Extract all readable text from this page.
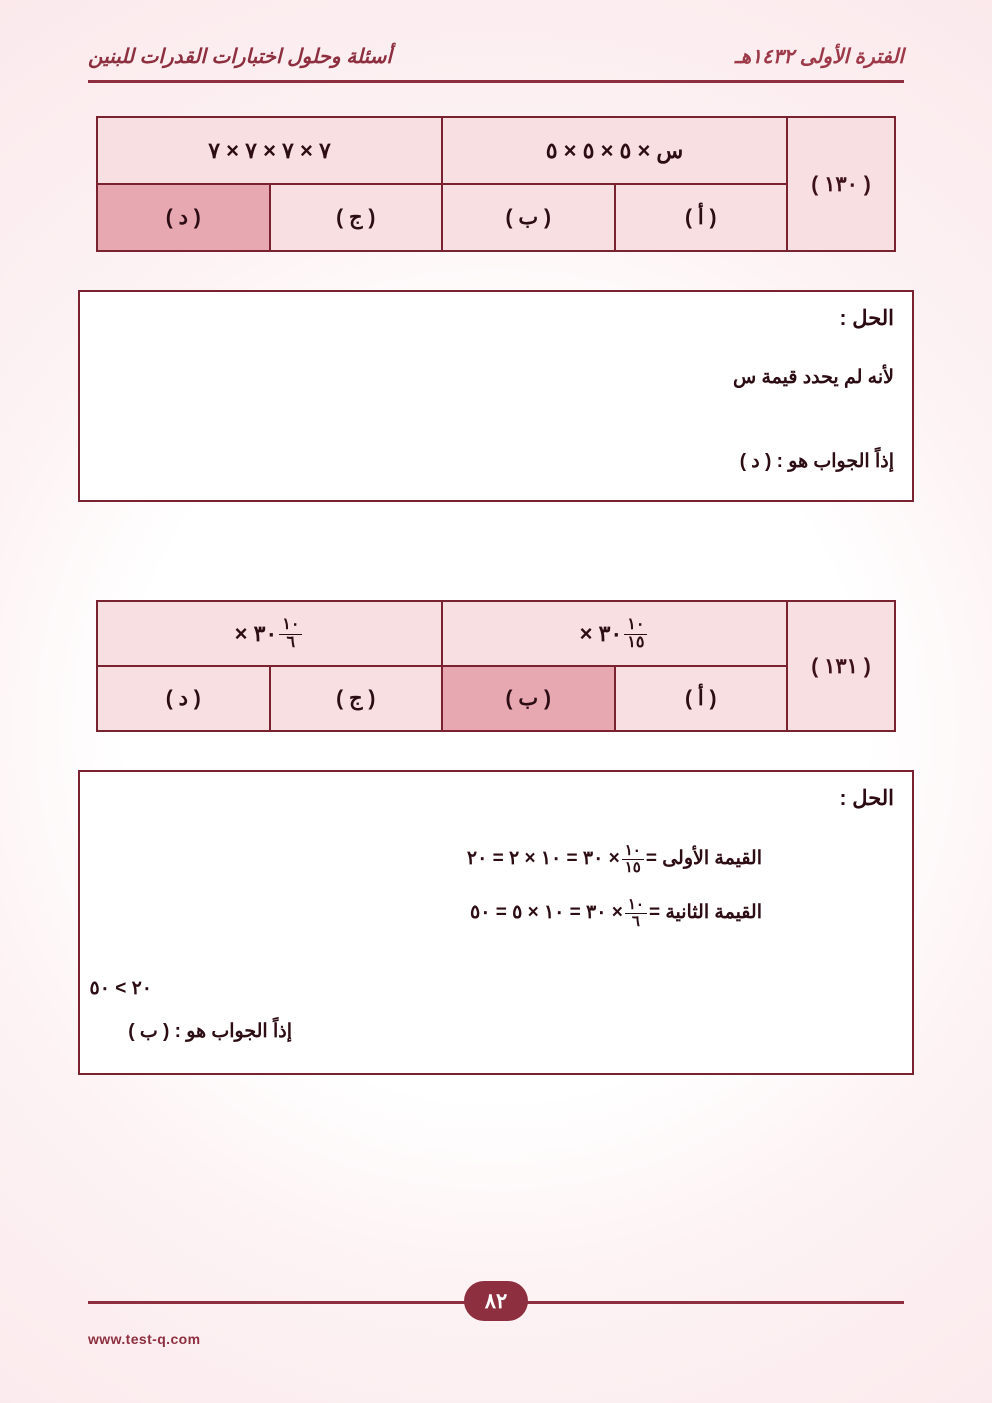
الفترة الأولى ١٤٣٢هـ
أسئلة وحلول اختبارات القدرات للبنين
( ١٣٠ )
س × ٥ × ٥ × ٥
٧ × ٧ × ٧ × ٧
( أ )
( ب )
( ج )
( د )
الحل :
لأنه لم يحدد قيمة س
إذاً الجواب هو : ( د )
( ١٣١ )
$\frac{١٠}{١٥}$
٣٠ ×
$\frac{١٠}{٦}$
٣٠ ×
( أ )
( ب )
( ج )
( د )
الحل :
القيمة الأولى =
$\frac{١٠}{١٥}$
× ٣٠ = ١٠ × ٢ = ٢٠
القيمة الثانية =
$\frac{١٠}{٦}$
× ٣٠ = ١٠ × ٥ = ٥٠
٢٠ > ٥٠
إذاً الجواب هو : ( ب )
٨٢
www.test-q.com
